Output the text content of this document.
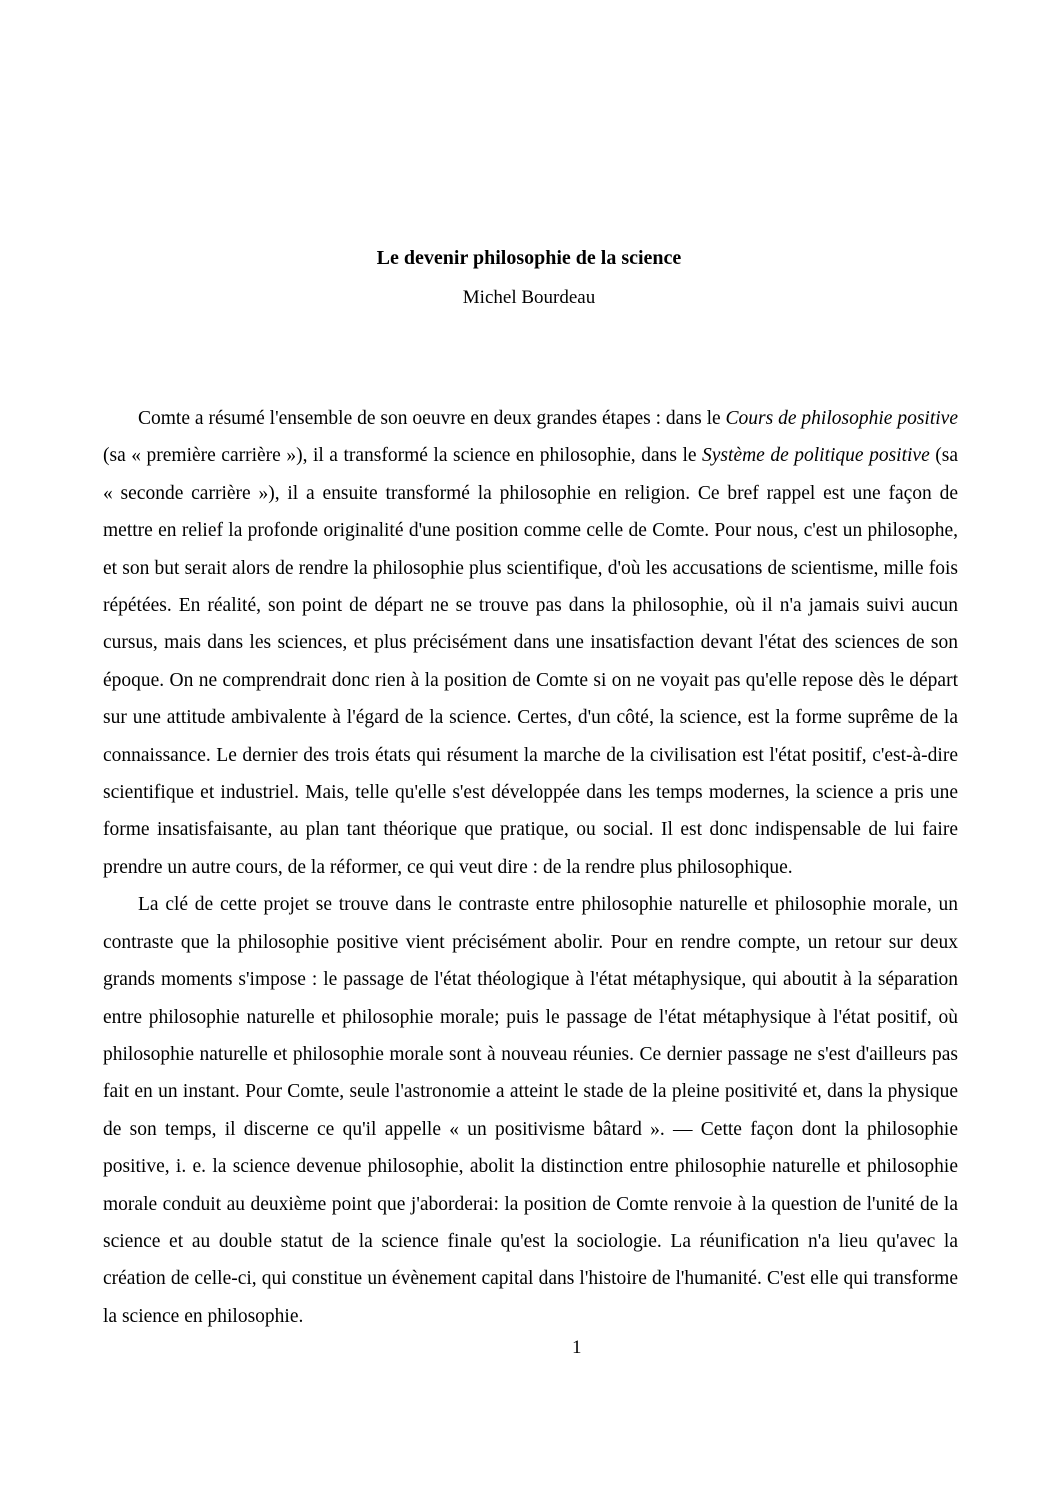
Le devenir philosophie de la science
Michel Bourdeau

Comte a résumé l'ensemble de son oeuvre en deux grandes étapes : dans le Cours de philosophie positive (sa « première carrière »), il a transformé la science en philosophie, dans le Système de politique positive (sa « seconde carrière »), il a ensuite transformé la philosophie en religion. Ce bref rappel est une façon de mettre en relief la profonde originalité d'une position comme celle de Comte. Pour nous, c'est un philosophe, et son but serait alors de rendre la philosophie plus scientifique, d'où les accusations de scientisme, mille fois répétées. En réalité, son point de départ ne se trouve pas dans la philosophie, où il n'a jamais suivi aucun cursus, mais dans les sciences, et plus précisément dans une insatisfaction devant l'état des sciences de son époque. On ne comprendrait donc rien à la position de Comte si on ne voyait pas qu'elle repose dès le départ sur une attitude ambivalente à l'égard de la science. Certes, d'un côté, la science, est la forme suprême de la connaissance. Le dernier des trois états qui résument la marche de la civilisation est l'état positif, c'est-à-dire scientifique et industriel. Mais, telle qu'elle s'est développée dans les temps modernes, la science a pris une forme insatisfaisante, au plan tant théorique que pratique, ou social. Il est donc indispensable de lui faire prendre un autre cours, de la réformer, ce qui veut dire : de la rendre plus philosophique.

La clé de cette projet se trouve dans le contraste entre philosophie naturelle et philosophie morale, un contraste que la philosophie positive vient précisément abolir. Pour en rendre compte, un retour sur deux grands moments s'impose : le passage de l'état théologique à l'état métaphysique, qui aboutit à la séparation entre philosophie naturelle et philosophie morale; puis le passage de l'état métaphysique à l'état positif, où philosophie naturelle et philosophie morale sont à nouveau réunies. Ce dernier passage ne s'est d'ailleurs pas fait en un instant. Pour Comte, seule l'astronomie a atteint le stade de la pleine positivité et, dans la physique de son temps, il discerne ce qu'il appelle « un positivisme bâtard ». — Cette façon dont la philosophie positive, i. e. la science devenue philosophie, abolit la distinction entre philosophie naturelle et philosophie morale conduit au deuxième point que j'aborderai: la position de Comte renvoie à la question de l'unité de la science et au double statut de la science finale qu'est la sociologie. La réunification n'a lieu qu'avec la création de celle-ci, qui constitue un évènement capital dans l'histoire de l'humanité. C'est elle qui transforme la science en philosophie.

1
